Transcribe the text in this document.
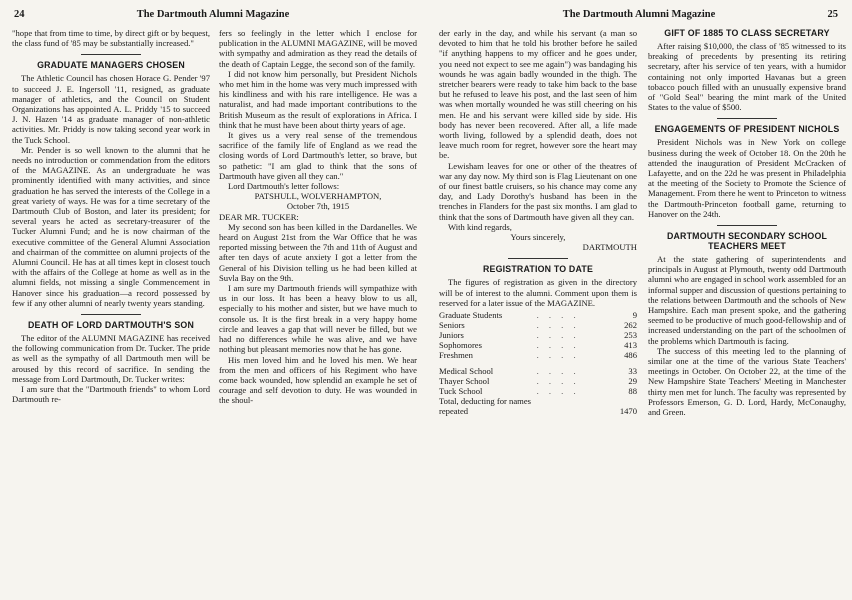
24	The Dartmouth Alumni Magazine

"hope that from time to time, by direct gift or by bequest, the class fund of '85 may be substantially increased."

GRADUATE MANAGERS CHOSEN

The Athletic Council has chosen Horace G. Pender '97 to succeed J. E. Ingersoll '11, resigned, as graduate manager of athletics, and the Council on Student Organizations has appointed A. L. Priddy '15 to succeed J. N. Hazen '14 as graduate manager of non-athletic activities. Mr. Priddy is now taking second year work in the Tuck School.

Mr. Pender is so well known to the alumni that he needs no introduction or commendation from the editors of the MAGAZINE. As an undergraduate he was prominently identified with many activities, and since graduation he has served the interests of the College in a great variety of ways. He was for a time secretary of the Dartmouth Club of Boston, and later its president; for several years he acted as secretary-treasurer of the Tucker Alumni Fund; and he is now chairman of the executive committee of the General Alumni Association and chairman of the committee on alumni projects of the Alumni Council. He has at all times kept in closest touch with the affairs of the College at home as well as in the alumni fields, not missing a single Commencement in Hanover since his graduation—a record possessed by few if any other alumni of nearly twenty years standing.

DEATH OF LORD DARTMOUTH'S SON

The editor of the ALUMNI MAGAZINE has received the following communication from Dr. Tucker. The pride as well as the sympathy of all Dartmouth men will be aroused by this record of sacrifice. In sending the message from Lord Dartmouth, Dr. Tucker writes:

I am sure that the "Dartmouth friends" to whom Lord Dartmouth re-

fers so feelingly in the letter which I enclose for publication in the ALUMNI MAGAZINE, will be moved with sympathy and admiration as they read the details of the death of Captain Legge, the second son of the family.

I did not know him personally, but President Nichols who met him in the home was very much impressed with his kindliness and with his rare intelligence. He was a naturalist, and had made important contributions to the British Museum as the result of explorations in Africa. I think that he must have been about thirty years of age.

It gives us a very real sense of the tremendous sacrifice of the family life of England as we read the closing words of Lord Dartmouth's letter, so brave, but so pathetic: "I am glad to think that the sons of Dartmouth have given all they can."

Lord Dartmouth's letter follows:

PATSHULL, WOLVERHAMPTON,

October 7th, 1915

DEAR MR. TUCKER:

My second son has been killed in the Dardanelles. We heard on August 21st from the War Office that he was reported missing between the 7th and 11th of August and after ten days of acute anxiety I got a letter from the General of his Division telling us he had been killed at Suvla Bay on the 9th.

I am sure my Dartmouth friends will sympathize with us in our loss. It has been a heavy blow to us all, especially to his mother and sister, but we have much to console us. It is the first break in a very happy home circle and leaves a gap that will never be filled, but we had no differences while he was alive, and we have nothing but pleasant memories now that he has gone.

His men loved him and he loved his men. We hear from the men and officers of his Regiment who have come back wounded, how splendid an example he set of courage and self devotion to duty. He was wounded in the shoul-

The Dartmouth Alumni Magazine	25

der early in the day, and while his servant (a man so devoted to him that he told his brother before he sailed "if anything happens to my officer and he goes under, you need not expect to see me again") was bandaging his wounds he was again badly wounded in the thigh. The stretcher bearers were ready to take him back to the base but he refused to leave his post, and the last seen of him was when mortally wounded he was still cheering on his men. He and his servant were killed side by side. His body has never been recovered. After all, a life made worth living, followed by a splendid death, does not leave much room for regret, however sore the heart may be.

Lewisham leaves for one or other of the theatres of war any day now. My third son is Flag Lieutenant on one of our finest battle cruisers, so his chance may come any day, and Lady Dorothy's husband has been in the trenches in Flanders for the past six months. I am glad to think that the sons of Dartmouth have given all they can.

With kind regards,

Yours sincerely,

DARTMOUTH

REGISTRATION TO DATE

The figures of registration as given in the directory will be of interest to the alumni. Comment upon them is reserved for a later issue of the MAGAZINE.

Graduate Students	. . . .	9
Seniors	. . . .	262
Juniors	. . . .	253
Sophomores	. . . .	413
Freshmen	. . . .	486

Medical School	. . . .	33
Thayer School	. . . .	29
Tuck School	. . . .	88
Total, deducting for names		
repeated		1470
GIFT OF 1885 TO CLASS SECRETARY

After raising $10,000, the class of '85 witnessed to its breaking of precedents by presenting its retiring secretary, after his service of ten years, with a humidor containing not only imported Havanas but a green tobacco pouch filled with an unusually expensive brand of "Gold Seal" bearing the mint mark of the United States to the value of $500.

ENGAGEMENTS OF PRESIDENT NICHOLS

President Nichols was in New York on college business during the week of October 18. On the 20th he attended the inauguration of President McCracken of Lafayette, and on the 22d he was present in Philadelphia at the meeting of the Society to Promote the Science of Management. From there he went to Princeton to witness the Dartmouth-Princeton football game, returning to Hanover on the 24th.

DARTMOUTH SECONDARY SCHOOL TEACHERS MEET

At the state gathering of superintendents and principals in August at Plymouth, twenty odd Dartmouth alumni who are engaged in school work assembled for an informal supper and discussion of questions pertaining to the relations between Dartmouth and the schools of New Hampshire. Each man present spoke, and the gathering seemed to be productive of much good-fellowship and of increased understanding on the part of the schoolmen of the problems which Dartmouth is facing.

The success of this meeting led to the planning of similar one at the time of the various State Teachers' meetings in October. On October 22, at the time of the New Hampshire State Teachers' Meeting in Manchester thirty men met for lunch. The faculty was represented by Professors Emerson, G. D. Lord, Hardy, McConaughy, and Green.
